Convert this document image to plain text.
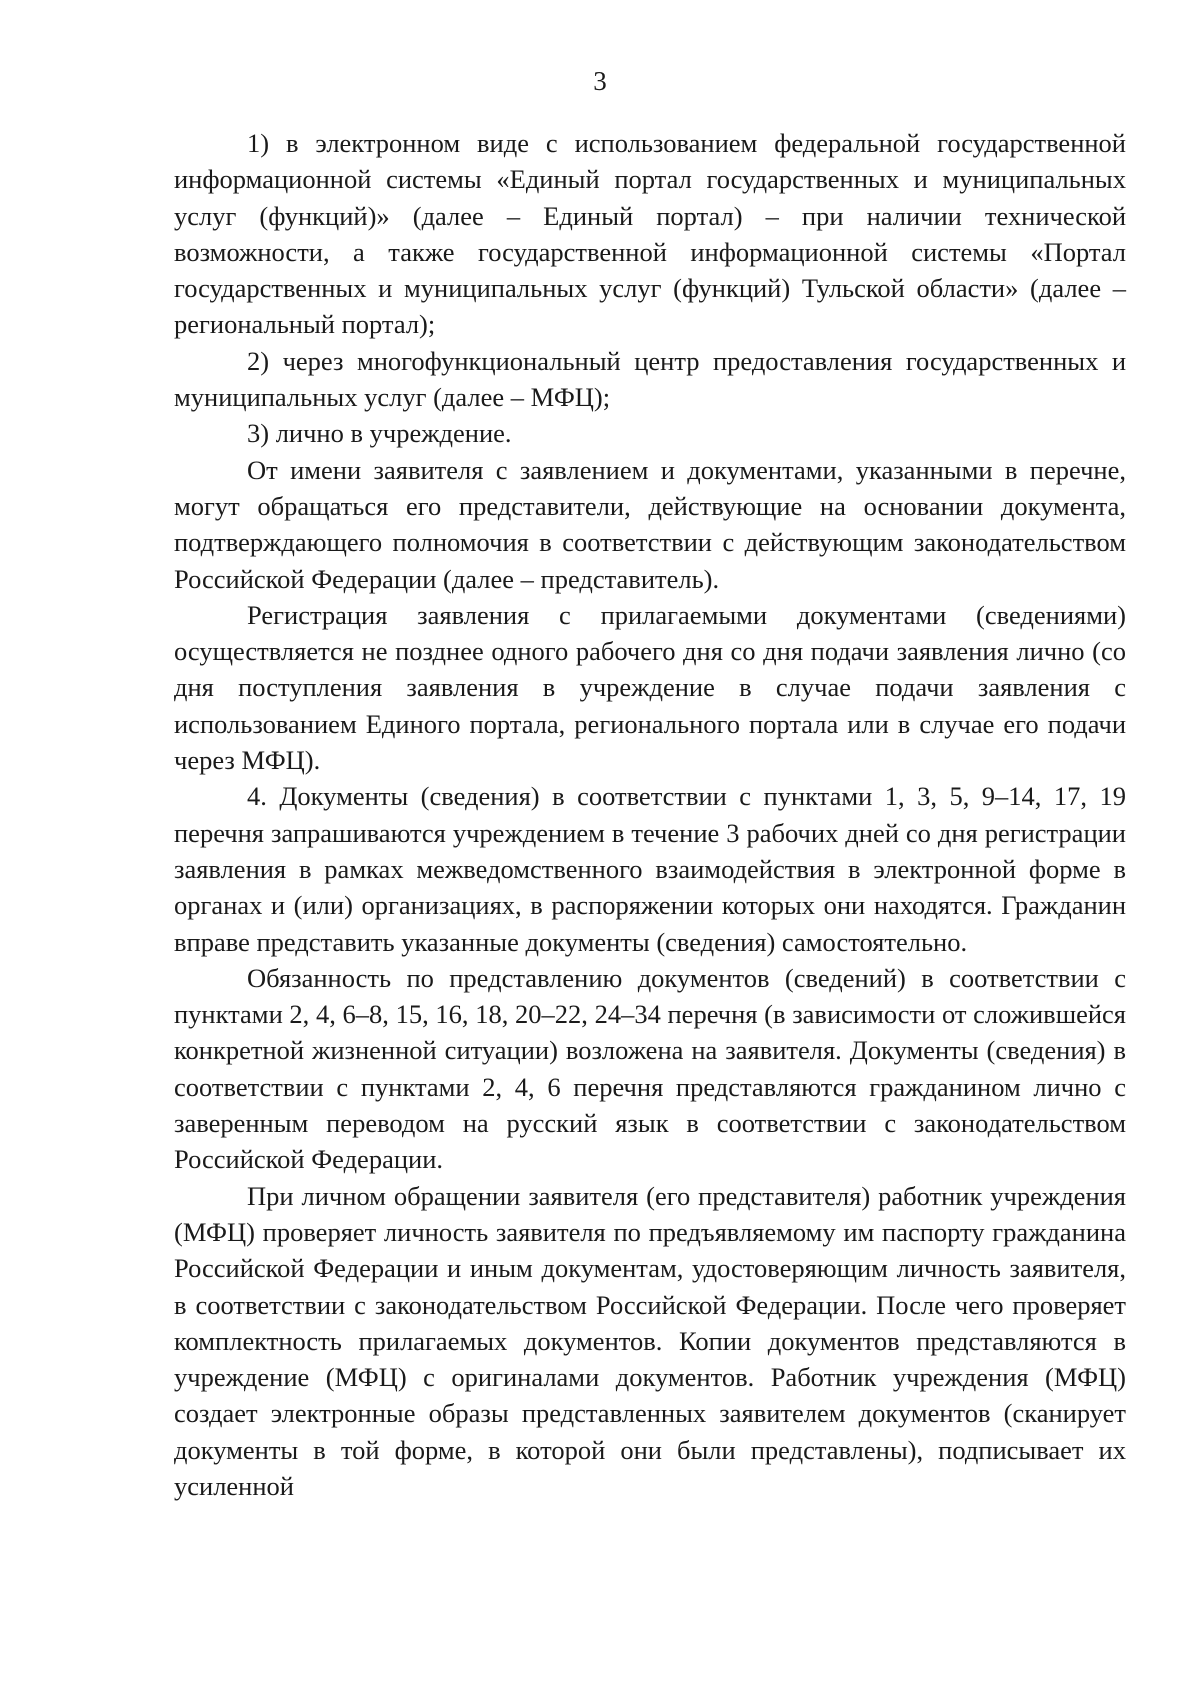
3

1) в электронном виде с использованием федеральной государственной информационной системы «Единый портал государственных и муниципальных услуг (функций)» (далее – Единый портал) – при наличии технической возможности, а также государственной информационной системы «Портал государственных и муниципальных услуг (функций) Тульской области» (далее – региональный портал);

2) через многофункциональный центр предоставления государственных и муниципальных услуг (далее – МФЦ);

3) лично в учреждение.

От имени заявителя с заявлением и документами, указанными в перечне, могут обращаться его представители, действующие на основании документа, подтверждающего полномочия в соответствии с действующим законодательством Российской Федерации (далее – представитель).

Регистрация заявления с прилагаемыми документами (сведениями) осуществляется не позднее одного рабочего дня со дня подачи заявления лично (со дня поступления заявления в учреждение в случае подачи заявления с использованием Единого портала, регионального портала или в случае его подачи через МФЦ).

4. Документы (сведения) в соответствии с пунктами 1, 3, 5, 9–14, 17, 19 перечня запрашиваются учреждением в течение 3 рабочих дней со дня регистрации заявления в рамках межведомственного взаимодействия в электронной форме в органах и (или) организациях, в распоряжении которых они находятся. Гражданин вправе представить указанные документы (сведения) самостоятельно.

Обязанность по представлению документов (сведений) в соответствии с пунктами 2, 4, 6–8, 15, 16, 18, 20–22, 24–34 перечня (в зависимости от сложившейся конкретной жизненной ситуации) возложена на заявителя. Документы (сведения) в соответствии с пунктами 2, 4, 6 перечня представляются гражданином лично с заверенным переводом на русский язык в соответствии с законодательством Российской Федерации.

При личном обращении заявителя (его представителя) работник учреждения (МФЦ) проверяет личность заявителя по предъявляемому им паспорту гражданина Российской Федерации и иным документам, удостоверяющим личность заявителя, в соответствии с законодательством Российской Федерации. После чего проверяет комплектность прилагаемых документов. Копии документов представляются в учреждение (МФЦ) с оригиналами документов. Работник учреждения (МФЦ) создает электронные образы представленных заявителем документов (сканирует документы в той форме, в которой они были представлены), подписывает их усиленной
